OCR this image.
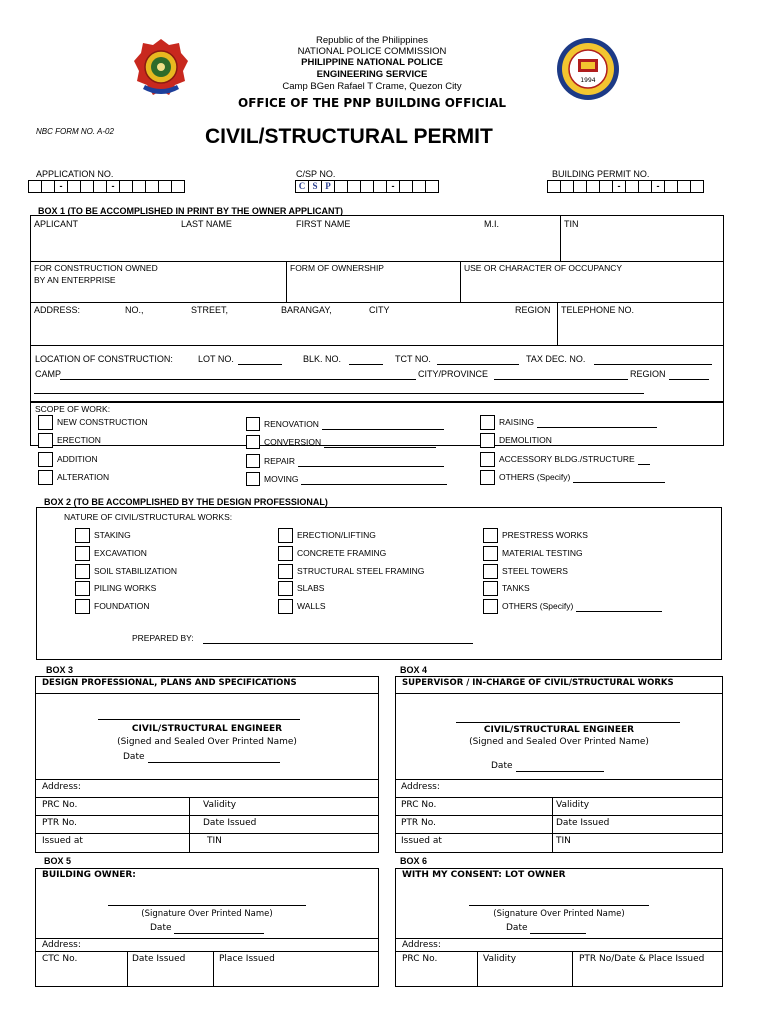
1994
Republic of the Philippines
NATIONAL POLICE COMMISSION
PHILIPPINE NATIONAL POLICE
ENGINEERING SERVICE
Camp BGen Rafael T Crame, Quezon City
OFFICE OF THE PNP BUILDING OFFICIAL
NBC FORM NO. A-02	CIVIL/STRUCTURAL PERMIT
APPLICATION NO.
-	-
C/SP NO.
C S P	-
BUILDING PERMIT NO.
-	-
BOX 1 (TO BE ACCOMPLISHED IN PRINT BY THE OWNER APPLICANT)
APLICANT	LAST NAME	FIRST NAME	M.I.	TIN
FOR CONSTRUCTION OWNED
BY AN ENTERPRISE
FORM OF OWNERSHIP	USE OR CHARACTER OF OCCUPANCY
ADDRESS:	NO.,	STREET,	BARANGAY,	CITY	REGION TELEPHONE NO.
LOCATION OF CONSTRUCTION:	LOT NO.	BLK. NO.	TCT NO.	TAX DEC. NO.
CAMP	CITY/PROVINCE	REGION
SCOPE OF WORK:
NEW CONSTRUCTION
ERECTION
ADDITION
ALTERATION
RENOVATION
CONVERSION
REPAIR
MOVING
RAISING
DEMOLITION
ACCESSORY BLDG./STRUCTURE
OTHERS (Specify)
BOX 2 (TO BE ACCOMPLISHED BY THE DESIGN PROFESSIONAL)
NATURE OF CIVIL/STRUCTURAL WORKS:
STAKING
EXCAVATION
SOIL STABILIZATION
PILING WORKS
FOUNDATION
ERECTION/LIFTING
CONCRETE FRAMING
STRUCTURAL STEEL FRAMING
SLABS
WALLS
PRESTRESS WORKS
MATERIAL TESTING
STEEL TOWERS
TANKS
OTHERS (Specify)
PREPARED BY:
BOX 3
DESIGN PROFESSIONAL, PLANS AND SPECIFICATIONS
CIVIL/STRUCTURAL ENGINEER
(Signed and Sealed Over Printed Name)
Date
Address:
PRC No.	Validity
PTR No.	Date Issued
Issued at	TIN
BOX 4
SUPERVISOR / IN-CHARGE OF CIVIL/STRUCTURAL WORKS
CIVIL/STRUCTURAL ENGINEER
(Signed and Sealed Over Printed Name)
Date
Address:
PRC No.	Validity
PTR No.	Date Issued
Issued at	TIN
BOX 5
BUILDING OWNER:
(Signature Over Printed Name)
Date
Address:
CTC No.	Date Issued	Place Issued
BOX 6
WITH MY CONSENT: LOT OWNER
(Signature Over Printed Name)
Date
Address:
PRC No.	Validity	PTR No/Date & Place Issued
